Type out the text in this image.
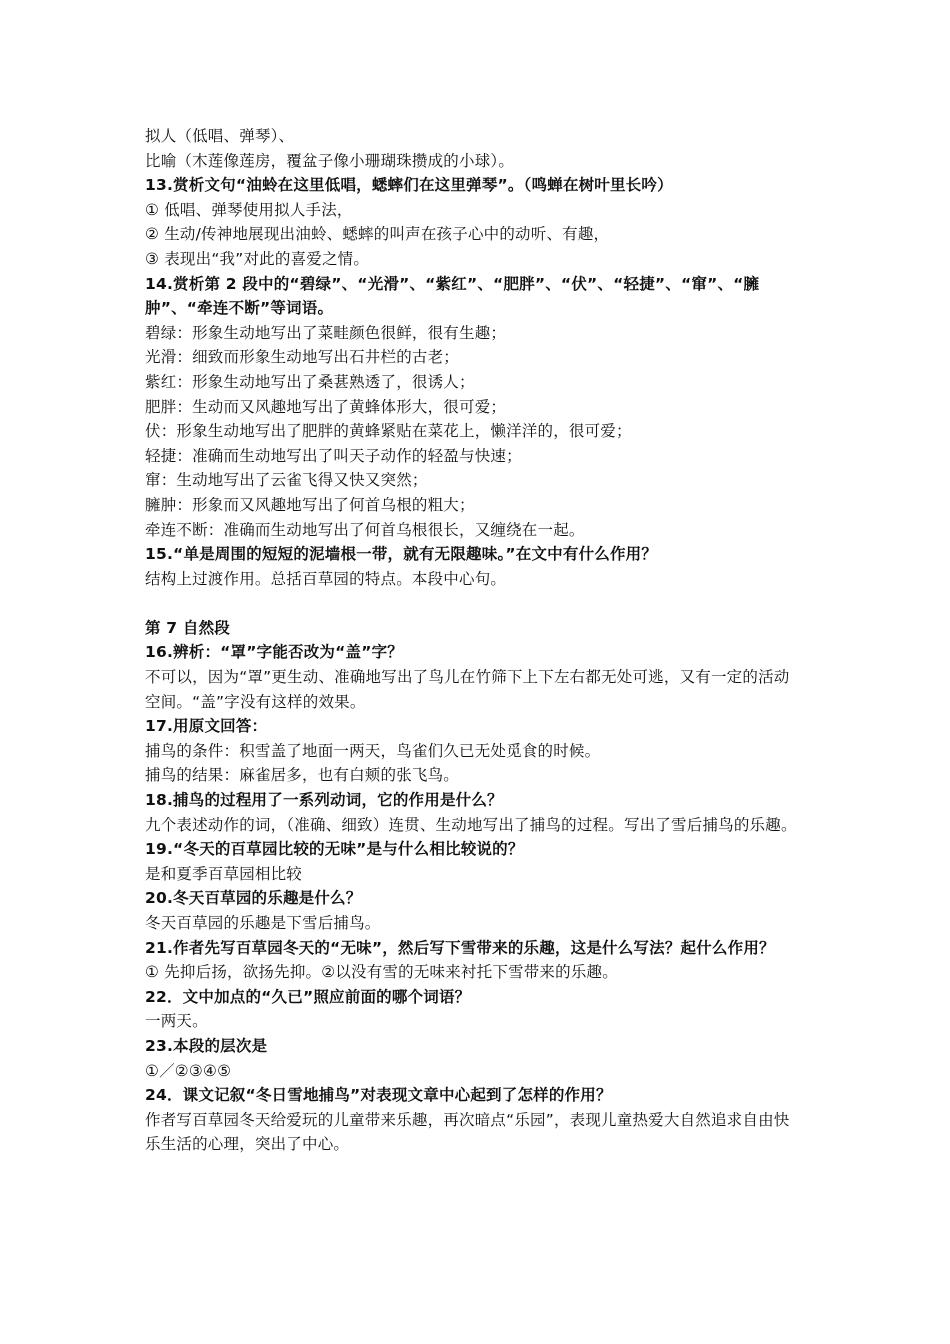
拟人（低唱、弹琴）、
比喻（木莲像莲房，覆盆子像小珊瑚珠攒成的小球）。
13.赏析文句“油蛉在这里低唱，蟋蟀们在这里弹琴”。（鸣蝉在树叶里长吟）
① 低唱、弹琴使用拟人手法，
② 生动/传神地展现出油蛉、蟋蟀的叫声在孩子心中的动听、有趣，
③ 表现出“我”对此的喜爱之情。
14.赏析第 2 段中的“碧绿”、“光滑”、“紫红”、“肥胖”、“伏”、“轻捷”、“窜”、“臃肿”、“牵连不断”等词语。
碧绿：形象生动地写出了菜畦颜色很鲜，很有生趣；
光滑：细致而形象生动地写出石井栏的古老；
紫红：形象生动地写出了桑葚熟透了，很诱人；
肥胖：生动而又风趣地写出了黄蜂体形大，很可爱；
伏：形象生动地写出了肥胖的黄蜂紧贴在菜花上，懒洋洋的，很可爱；
轻捷：准确而生动地写出了叫天子动作的轻盈与快速；
窜：生动地写出了云雀飞得又快又突然；
臃肿：形象而又风趣地写出了何首乌根的粗大；
牵连不断：准确而生动地写出了何首乌根很长，又缠绕在一起。
15.“单是周围的短短的泥墙根一带，就有无限趣味。”在文中有什么作用？
结构上过渡作用。总括百草园的特点。本段中心句。
第 7 自然段
16.辨析：“罩”字能否改为“盖”字？
不可以，因为“罩”更生动、准确地写出了鸟儿在竹筛下上下左右都无处可逃，又有一定的活动空间。“盖”字没有这样的效果。
17.用原文回答：
捕鸟的条件：积雪盖了地面一两天，鸟雀们久已无处觅食的时候。
捕鸟的结果：麻雀居多，也有白颊的张飞鸟。
18.捕鸟的过程用了一系列动词，它的作用是什么？
九个表述动作的词，（准确、细致）连贯、生动地写出了捕鸟的过程。写出了雪后捕鸟的乐趣。
19.“冬天的百草园比较的无味”是与什么相比较说的？
是和夏季百草园相比较
20.冬天百草园的乐趣是什么？
冬天百草园的乐趣是下雪后捕鸟。
21.作者先写百草园冬天的“无味”，然后写下雪带来的乐趣，这是什么写法？起什么作用？
① 先抑后扬，欲扬先抑。②以没有雪的无味来衬托下雪带来的乐趣。
22．文中加点的“久已”照应前面的哪个词语？
一两天。
23.本段的层次是
①／②③④⑤
24．课文记叙“冬日雪地捕鸟”对表现文章中心起到了怎样的作用？
作者写百草园冬天给爱玩的儿童带来乐趣，再次暗点“乐园”，表现儿童热爱大自然追求自由快乐生活的心理，突出了中心。
